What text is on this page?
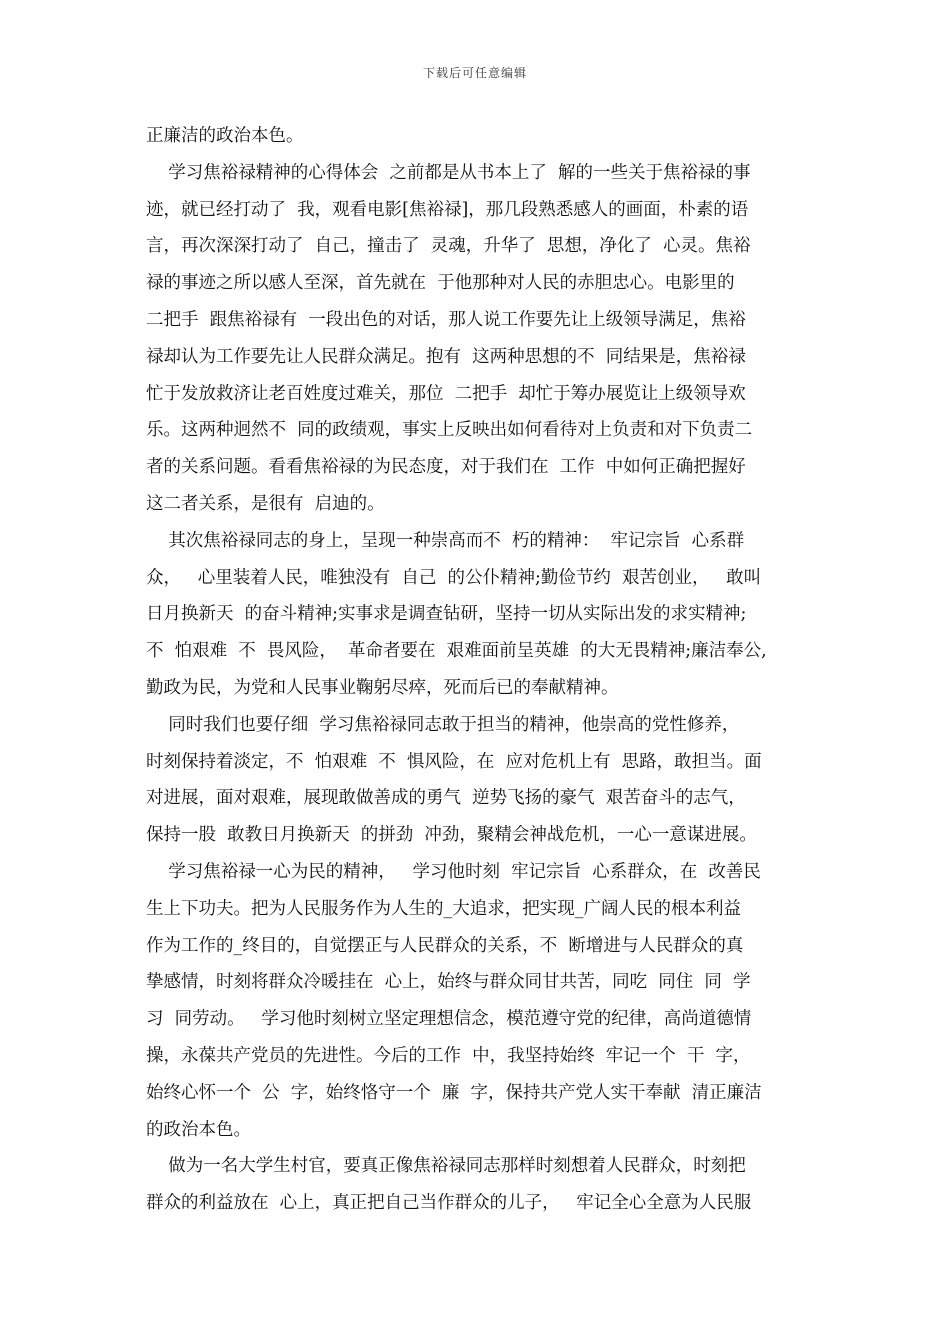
下载后可任意编辑
正廉洁的政治本色。
学习焦裕禄精神的心得体会  之前都是从书本上了  解的一些关于焦裕禄的事
迹，就已经打动了  我，观看电影[焦裕禄]，那几段熟悉感人的画面，朴素的语
言，再次深深打动了  自己，撞击了  灵魂，升华了  思想，净化了  心灵。焦裕
禄的事迹之所以感人至深，首先就在  于他那种对人民的赤胆忠心。电影里的
二把手  跟焦裕禄有  一段出色的对话，那人说工作要先让上级领导满足，焦裕
禄却认为工作要先让人民群众满足。抱有  这两种思想的不  同结果是，焦裕禄
忙于发放救济让老百姓度过难关，那位  二把手  却忙于筹办展览让上级领导欢
乐。这两种迥然不  同的政绩观，事实上反映出如何看待对上负责和对下负责二
者的关系问题。看看焦裕禄的为民态度，对于我们在  工作  中如何正确把握好
这二者关系，是很有  启迪的。
其次焦裕禄同志的身上，呈现一种崇高而不  朽的精神：  牢记宗旨  心系群
众，   心里装着人民，唯独没有  自己  的公仆精神;勤俭节约  艰苦创业，   敢叫
日月换新天  的奋斗精神;实事求是调查钻研，坚持一切从实际出发的求实精神;
不  怕艰难  不  畏风险，  革命者要在  艰难面前呈英雄  的大无畏精神;廉洁奉公,
勤政为民，为党和人民事业鞠躬尽瘁，死而后已的奉献精神。
同时我们也要仔细  学习焦裕禄同志敢于担当的精神，他崇高的党性修养，
时刻保持着淡定，不  怕艰难  不  惧风险，在  应对危机上有  思路，敢担当。面
对进展，面对艰难，展现敢做善成的勇气  逆势飞扬的豪气  艰苦奋斗的志气，
保持一股  敢教日月换新天  的拼劲  冲劲，聚精会神战危机，一心一意谋进展。
学习焦裕禄一心为民的精神，   学习他时刻  牢记宗旨  心系群众，在  改善民
生上下功夫。把为人民服务作为人生的_大追求，把实现_广阔人民的根本利益
作为工作的_终目的，自觉摆正与人民群众的关系，不  断增进与人民群众的真
挚感情，时刻将群众冷暖挂在  心上，始终与群众同甘共苦，同吃  同住  同  学
习  同劳动。   学习他时刻树立坚定理想信念，模范遵守党的纪律，高尚道德情
操，永葆共产党员的先进性。今后的工作  中，我坚持始终  牢记一个  干  字，
始终心怀一个  公  字，始终恪守一个  廉  字，保持共产党人实干奉献  清正廉洁
的政治本色。
做为一名大学生村官，要真正像焦裕禄同志那样时刻想着人民群众，时刻把
群众的利益放在  心上，真正把自己当作群众的儿子，   牢记全心全意为人民服
